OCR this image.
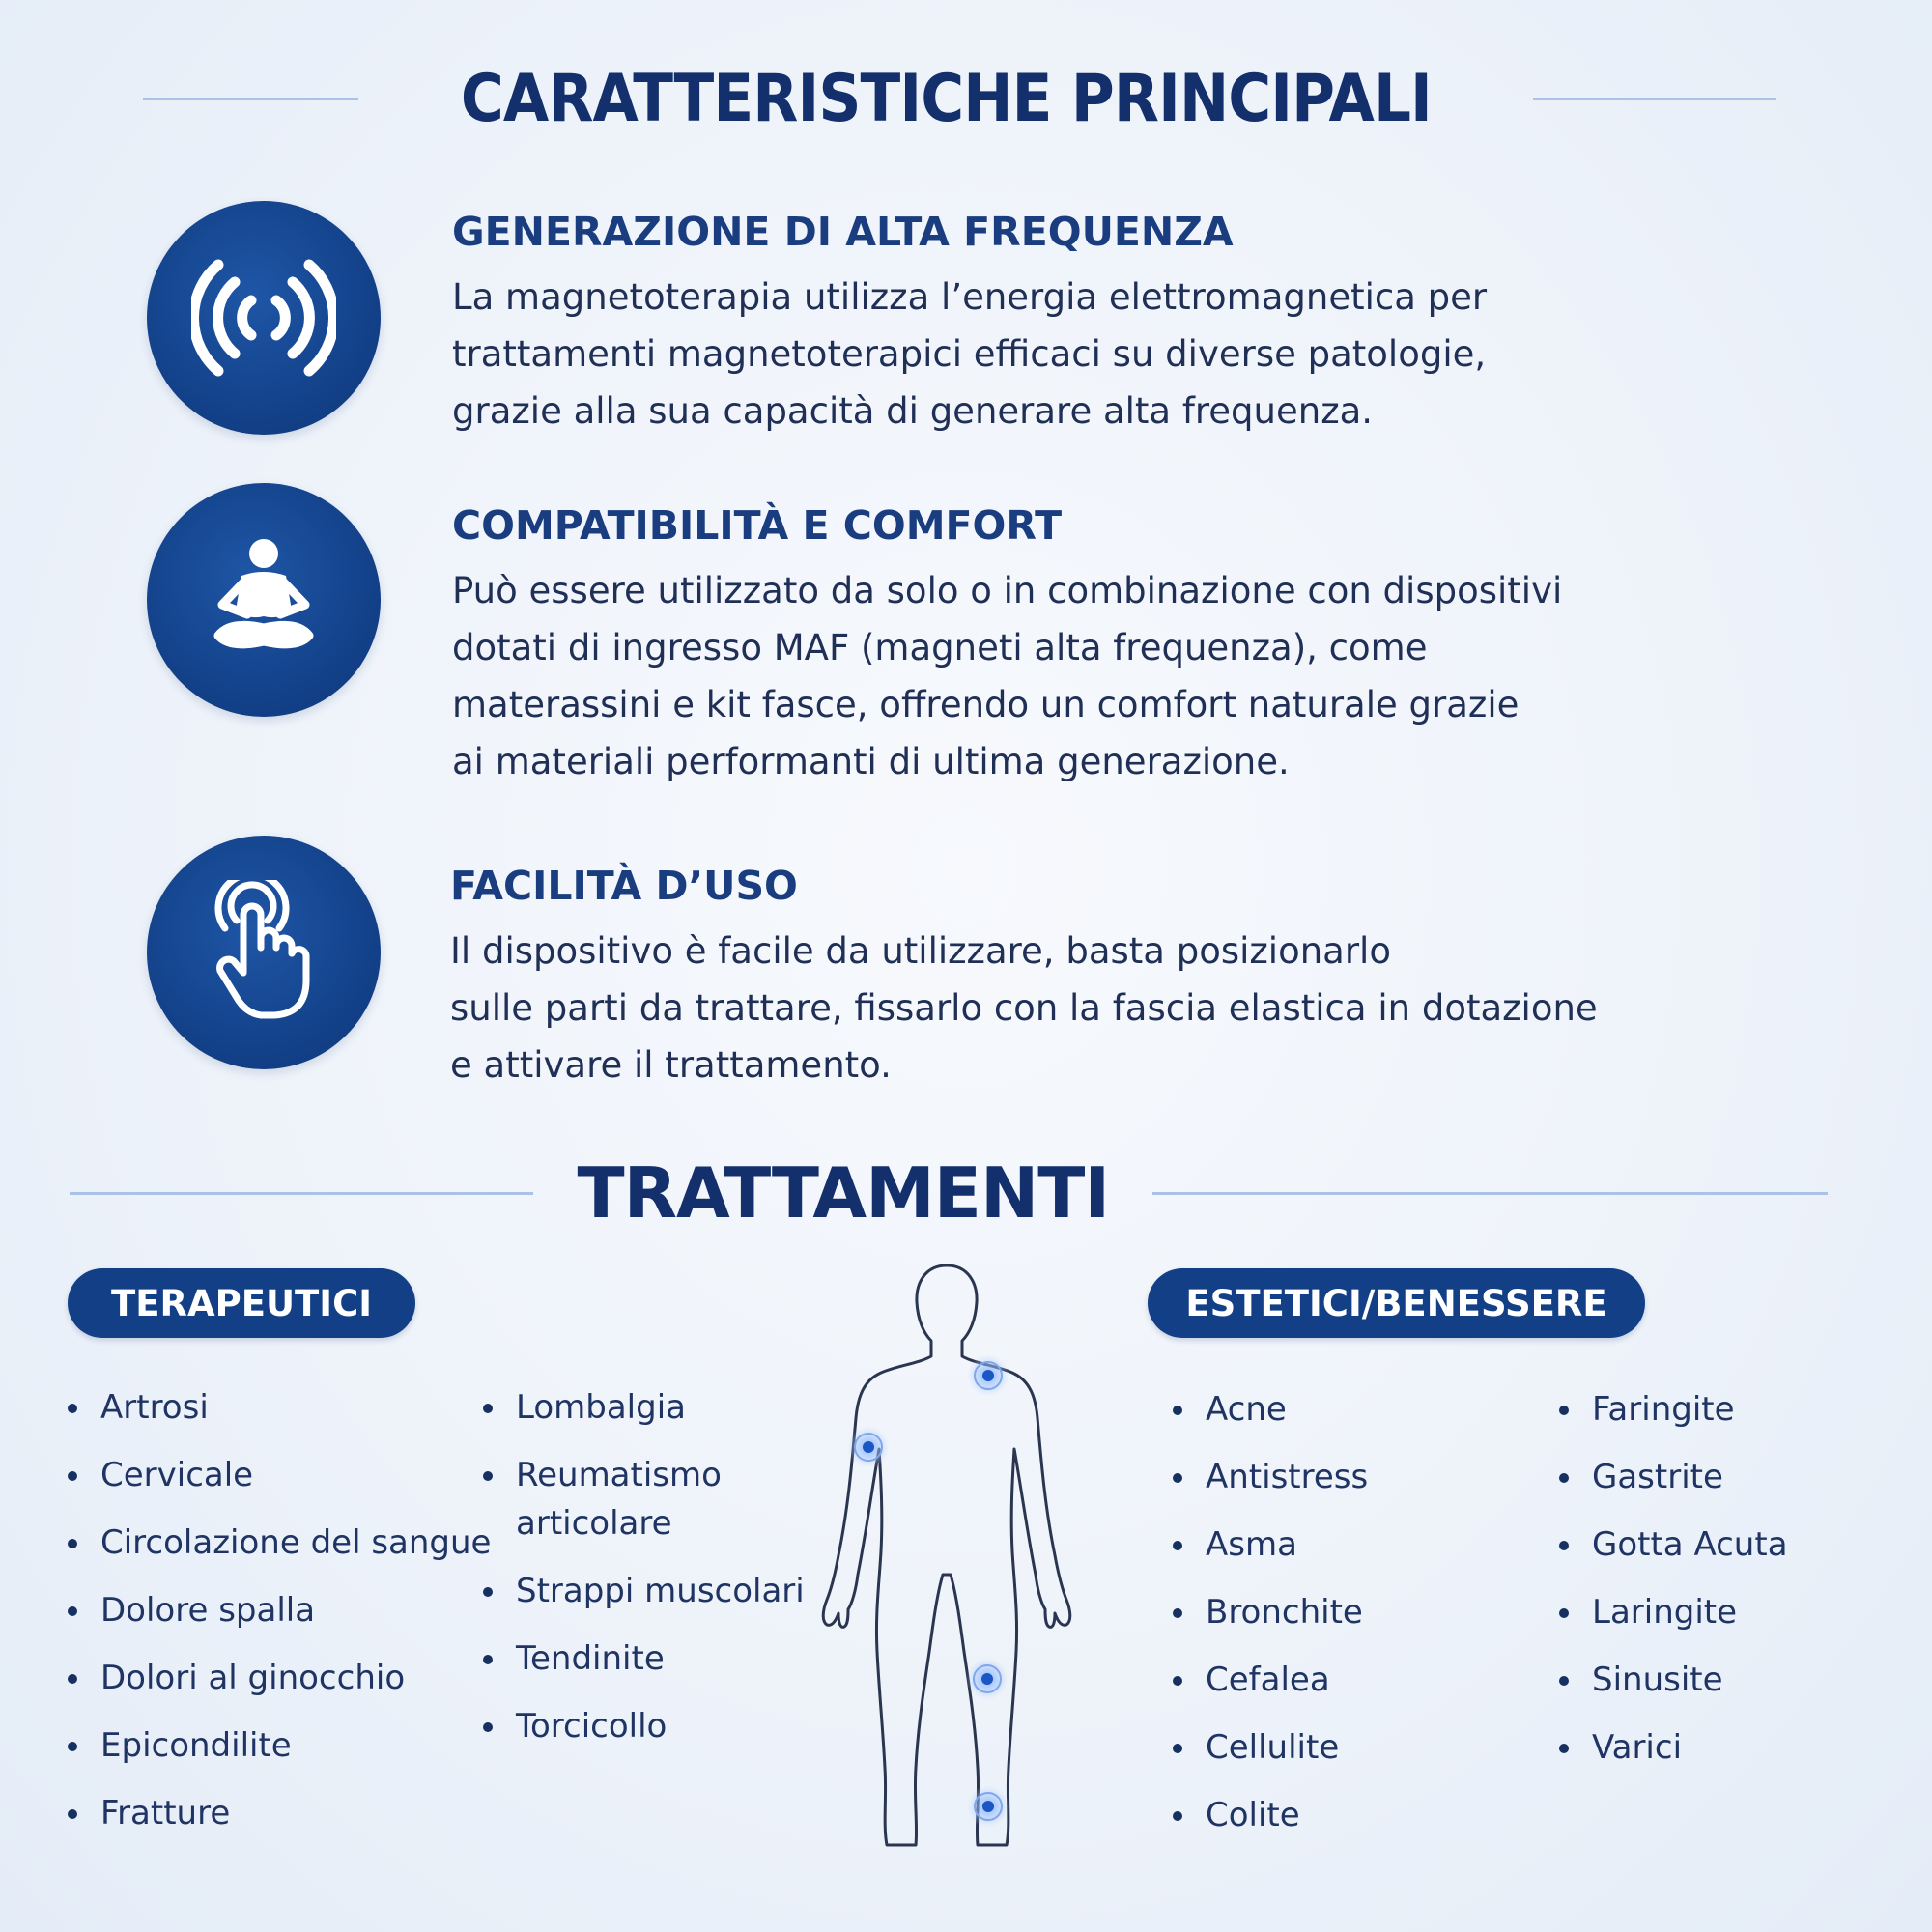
CARATTERISTICHE PRINCIPALI
GENERAZIONE DI ALTA FREQUENZA

La magnetoterapia utilizza l’energia elettromagnetica per
trattamenti magnetoterapici efficaci su diverse patologie,
grazie alla sua capacità di generare alta frequenza.

COMPATIBILITÀ E COMFORT

Può essere utilizzato da solo o in combinazione con dispositivi
dotati di ingresso MAF (magneti alta frequenza), come
materassini e kit fasce, offrendo un comfort naturale grazie
ai materiali performanti di ultima generazione.

FACILITÀ D’USO

Il dispositivo è facile da utilizzare, basta posizionarlo
sulle parti da trattare, fissarlo con la fascia elastica in dotazione
e attivare il trattamento.

TRATTAMENTI
TERAPEUTICI	ESTETICI/BENESSERE
Artrosi
Cervicale
Circolazione del sangue
Dolore spalla
Dolori al ginocchio
Epicondilite
Fratture
Lombalgia
Reumatismo
articolare
Strappi muscolari
Tendinite
Torcicollo
Acne
Antistress
Asma
Bronchite
Cefalea
Cellulite
Colite
Faringite
Gastrite
Gotta Acuta
Laringite
Sinusite
Varici
